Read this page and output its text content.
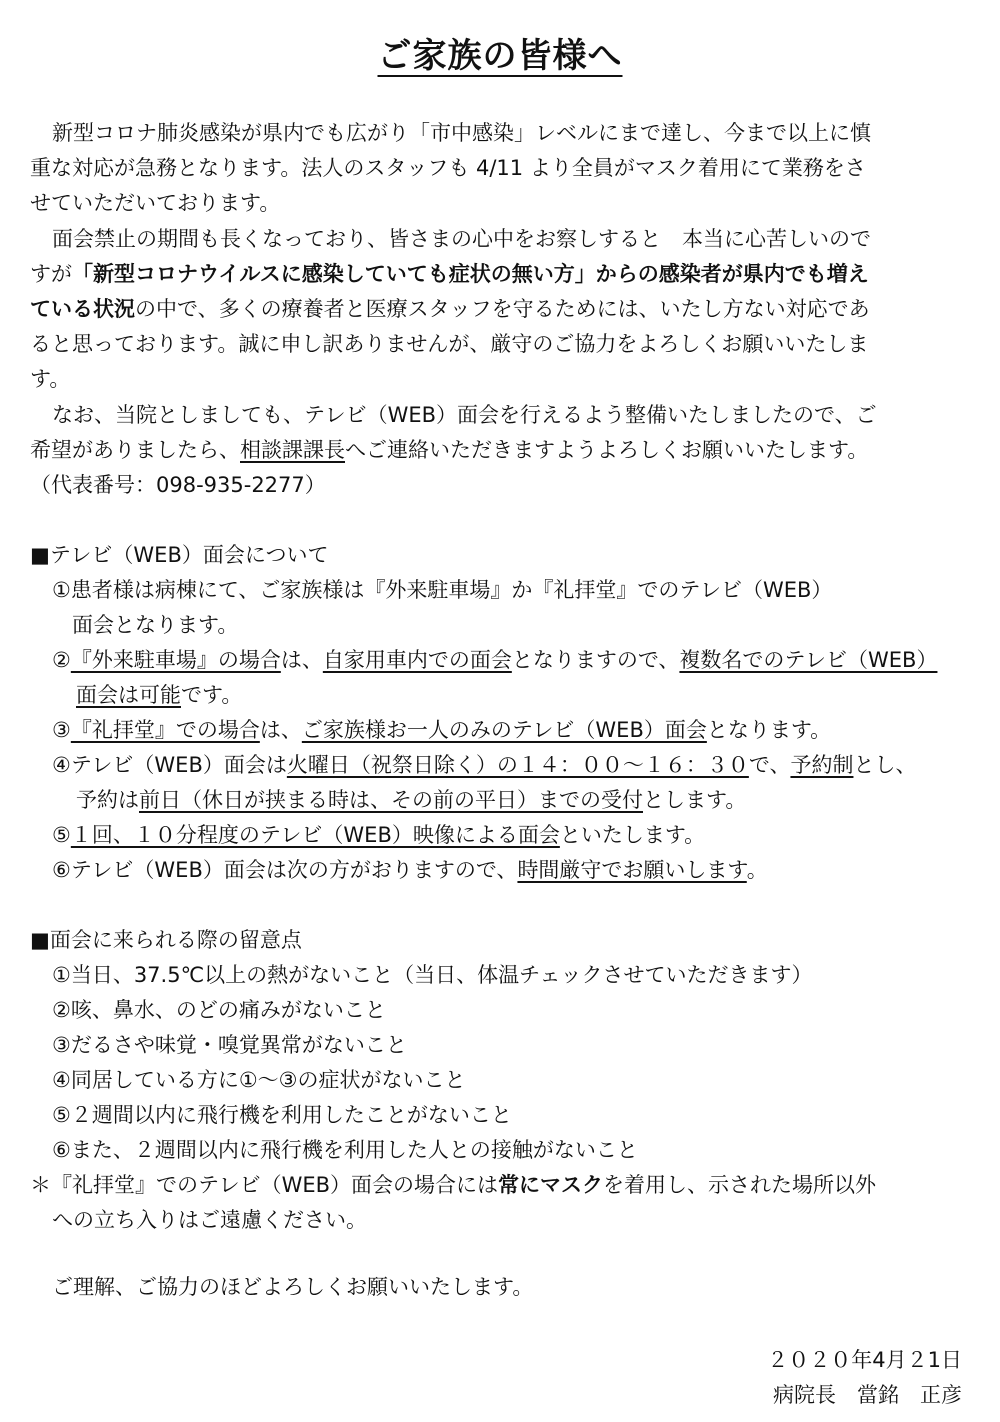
ご家族の皆様へ
新型コロナ肺炎感染が県内でも広がり「市中感染」レベルにまで達し、今まで以上に慎
重な対応が急務となります。法人のスタッフも 4/11 より全員がマスク着用にて業務をさ
せていただいております。
面会禁止の期間も長くなっており、皆さまの心中をお察しすると　本当に心苦しいので
すが「新型コロナウイルスに感染していても症状の無い方」からの感染者が県内でも増え
ている状況の中で、多くの療養者と医療スタッフを守るためには、いたし方ない対応であ
ると思っております。誠に申し訳ありませんが、厳守のご協力をよろしくお願いいたしま
す。
なお、当院としましても、テレビ（WEB）面会を行えるよう整備いたしましたので、ご
希望がありましたら、相談課課長へご連絡いただきますようよろしくお願いいたします。
（代表番号：098-935-2277）
■テレビ（WEB）面会について
①患者様は病棟にて、ご家族様は『外来駐車場』か『礼拝堂』でのテレビ（WEB）
面会となります。
②『外来駐車場』の場合は、自家用車内での面会となりますので、複数名でのテレビ（WEB）
面会は可能です。
③『礼拝堂』での場合は、ご家族様お一人のみのテレビ（WEB）面会となります。
④テレビ（WEB）面会は火曜日（祝祭日除く）の１４：００～１６：３０で、予約制とし、
予約は前日（休日が挟まる時は、その前の平日）までの受付とします。
⑤１回、１０分程度のテレビ（WEB）映像による面会といたします。
⑥テレビ（WEB）面会は次の方がおりますので、時間厳守でお願いします。
■面会に来られる際の留意点
①当日、37.5℃以上の熱がないこと（当日、体温チェックさせていただきます）
②咳、鼻水、のどの痛みがないこと
③だるさや味覚・嗅覚異常がないこと
④同居している方に①～③の症状がないこと
⑤２週間以内に飛行機を利用したことがないこと
⑥また、２週間以内に飛行機を利用した人との接触がないこと
＊『礼拝堂』でのテレビ（WEB）面会の場合には常にマスクを着用し、示された場所以外
への立ち入りはご遠慮ください。
ご理解、ご協力のほどよろしくお願いいたします。
２０２０年4月２1日
病院長　當銘　正彦
